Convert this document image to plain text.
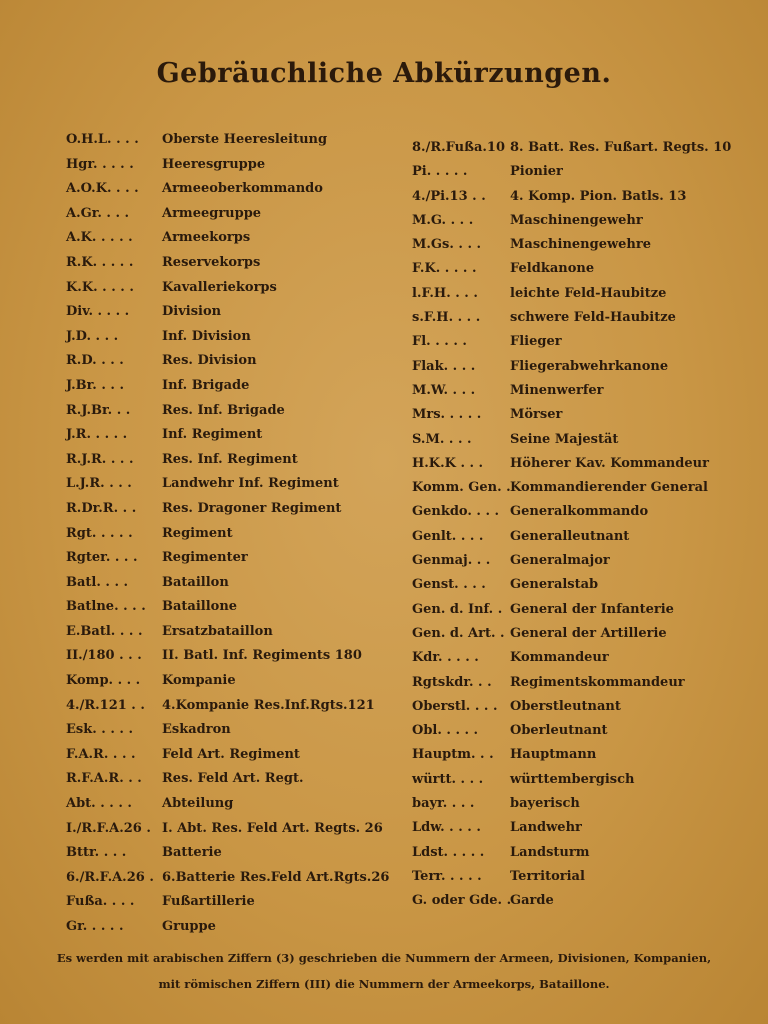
Gebräuchliche Abkürzungen.
O.H.L. . . . Oberste Heeresleitung
Hgr. . . . . Heeresgruppe
A.O.K. . . . Armeeoberkommando
A.Gr. . . .	Armeegruppe
A.K. . . . . Armeekorps
R.K. . . . . Reservekorps
K.K. . . . . Kavalleriekorps
Div. . . . .	Division
J.D. . . .	Inf. Division
R.D. . . .	Res. Division
J.Br. . . .	Inf. Brigade
R.J.Br. . . Res. Inf. Brigade
J.R. . . . .	Inf. Regiment
R.J.R. . . . Res. Inf. Regiment
L.J.R. . . . Landwehr Inf. Regiment
R.Dr.R. . . Res. Dragoner Regiment
Rgt. . . . . Regiment
Rgter. . . . Regimenter
Batl. . . .	Bataillon
Batlne. . . . Bataillone
E.Batl. . . . Ersatzbataillon
II./180 . . . II. Batl. Inf. Regiments 180
Komp. . . . Kompanie
4./R.121 . . 4.Kompanie Res.Inf.Rgts.121
Esk. . . . . Eskadron
F.A.R. . . . Feld Art. Regiment
R.F.A.R. . . Res. Feld Art. Regt.
Abt. . . . . Abteilung
I./R.F.A.26 . I. Abt. Res. Feld Art. Regts. 26
Bttr. . . .	Batterie
6./R.F.A.26 . 6.Batterie Res.Feld Art.Rgts.26
Fußa. . . . Fußartillerie
Gr. . . . .	Gruppe
8./R.Fußa.10 8. Batt. Res. Fußart. Regts. 10
Pi. . . . .	Pionier
4./Pi.13 . . 4. Komp. Pion. Batls. 13
M.G. . . .	Maschinengewehr
M.Gs. . . . Maschinengewehre
F.K. . . . .	Feldkanone
l.F.H. . . . leichte Feld-Haubitze
s.F.H. . . . schwere Feld-Haubitze
Fl. . . . .	Flieger
Flak. . . .	Fliegerabwehrkanone
M.W. . . .	Minenwerfer
Mrs. . . . . Mörser
S.M. . . .	Seine Majestät
H.K.K . . . Höherer Kav. Kommandeur
Komm. Gen. .Kommandierender General
Genkdo. . . . Generalkommando
Genlt. . . . Generalleutnant
Genmaj. . . Generalmajor
Genst. . . . Generalstab
Gen. d. Inf. . General der Infanterie
Gen. d. Art. . General der Artillerie
Kdr. . . . . Kommandeur
Rgtskdr. . . Regimentskommandeur
Oberstl. . . . Oberstleutnant
Obl. . . . . Oberleutnant
Hauptm. . . Hauptmann
württ. . . . württembergisch
bayr. . . .	bayerisch
Ldw. . . . . Landwehr
Ldst. . . . . Landsturm
Terr. . . . . Territorial
G. oder Gde. .Garde
Es werden mit arabischen Ziffern (3) geschrieben die Nummern der Armeen, Divisionen, Kompanien,
mit römischen Ziffern (III) die Nummern der Armeekorps, Bataillone.
